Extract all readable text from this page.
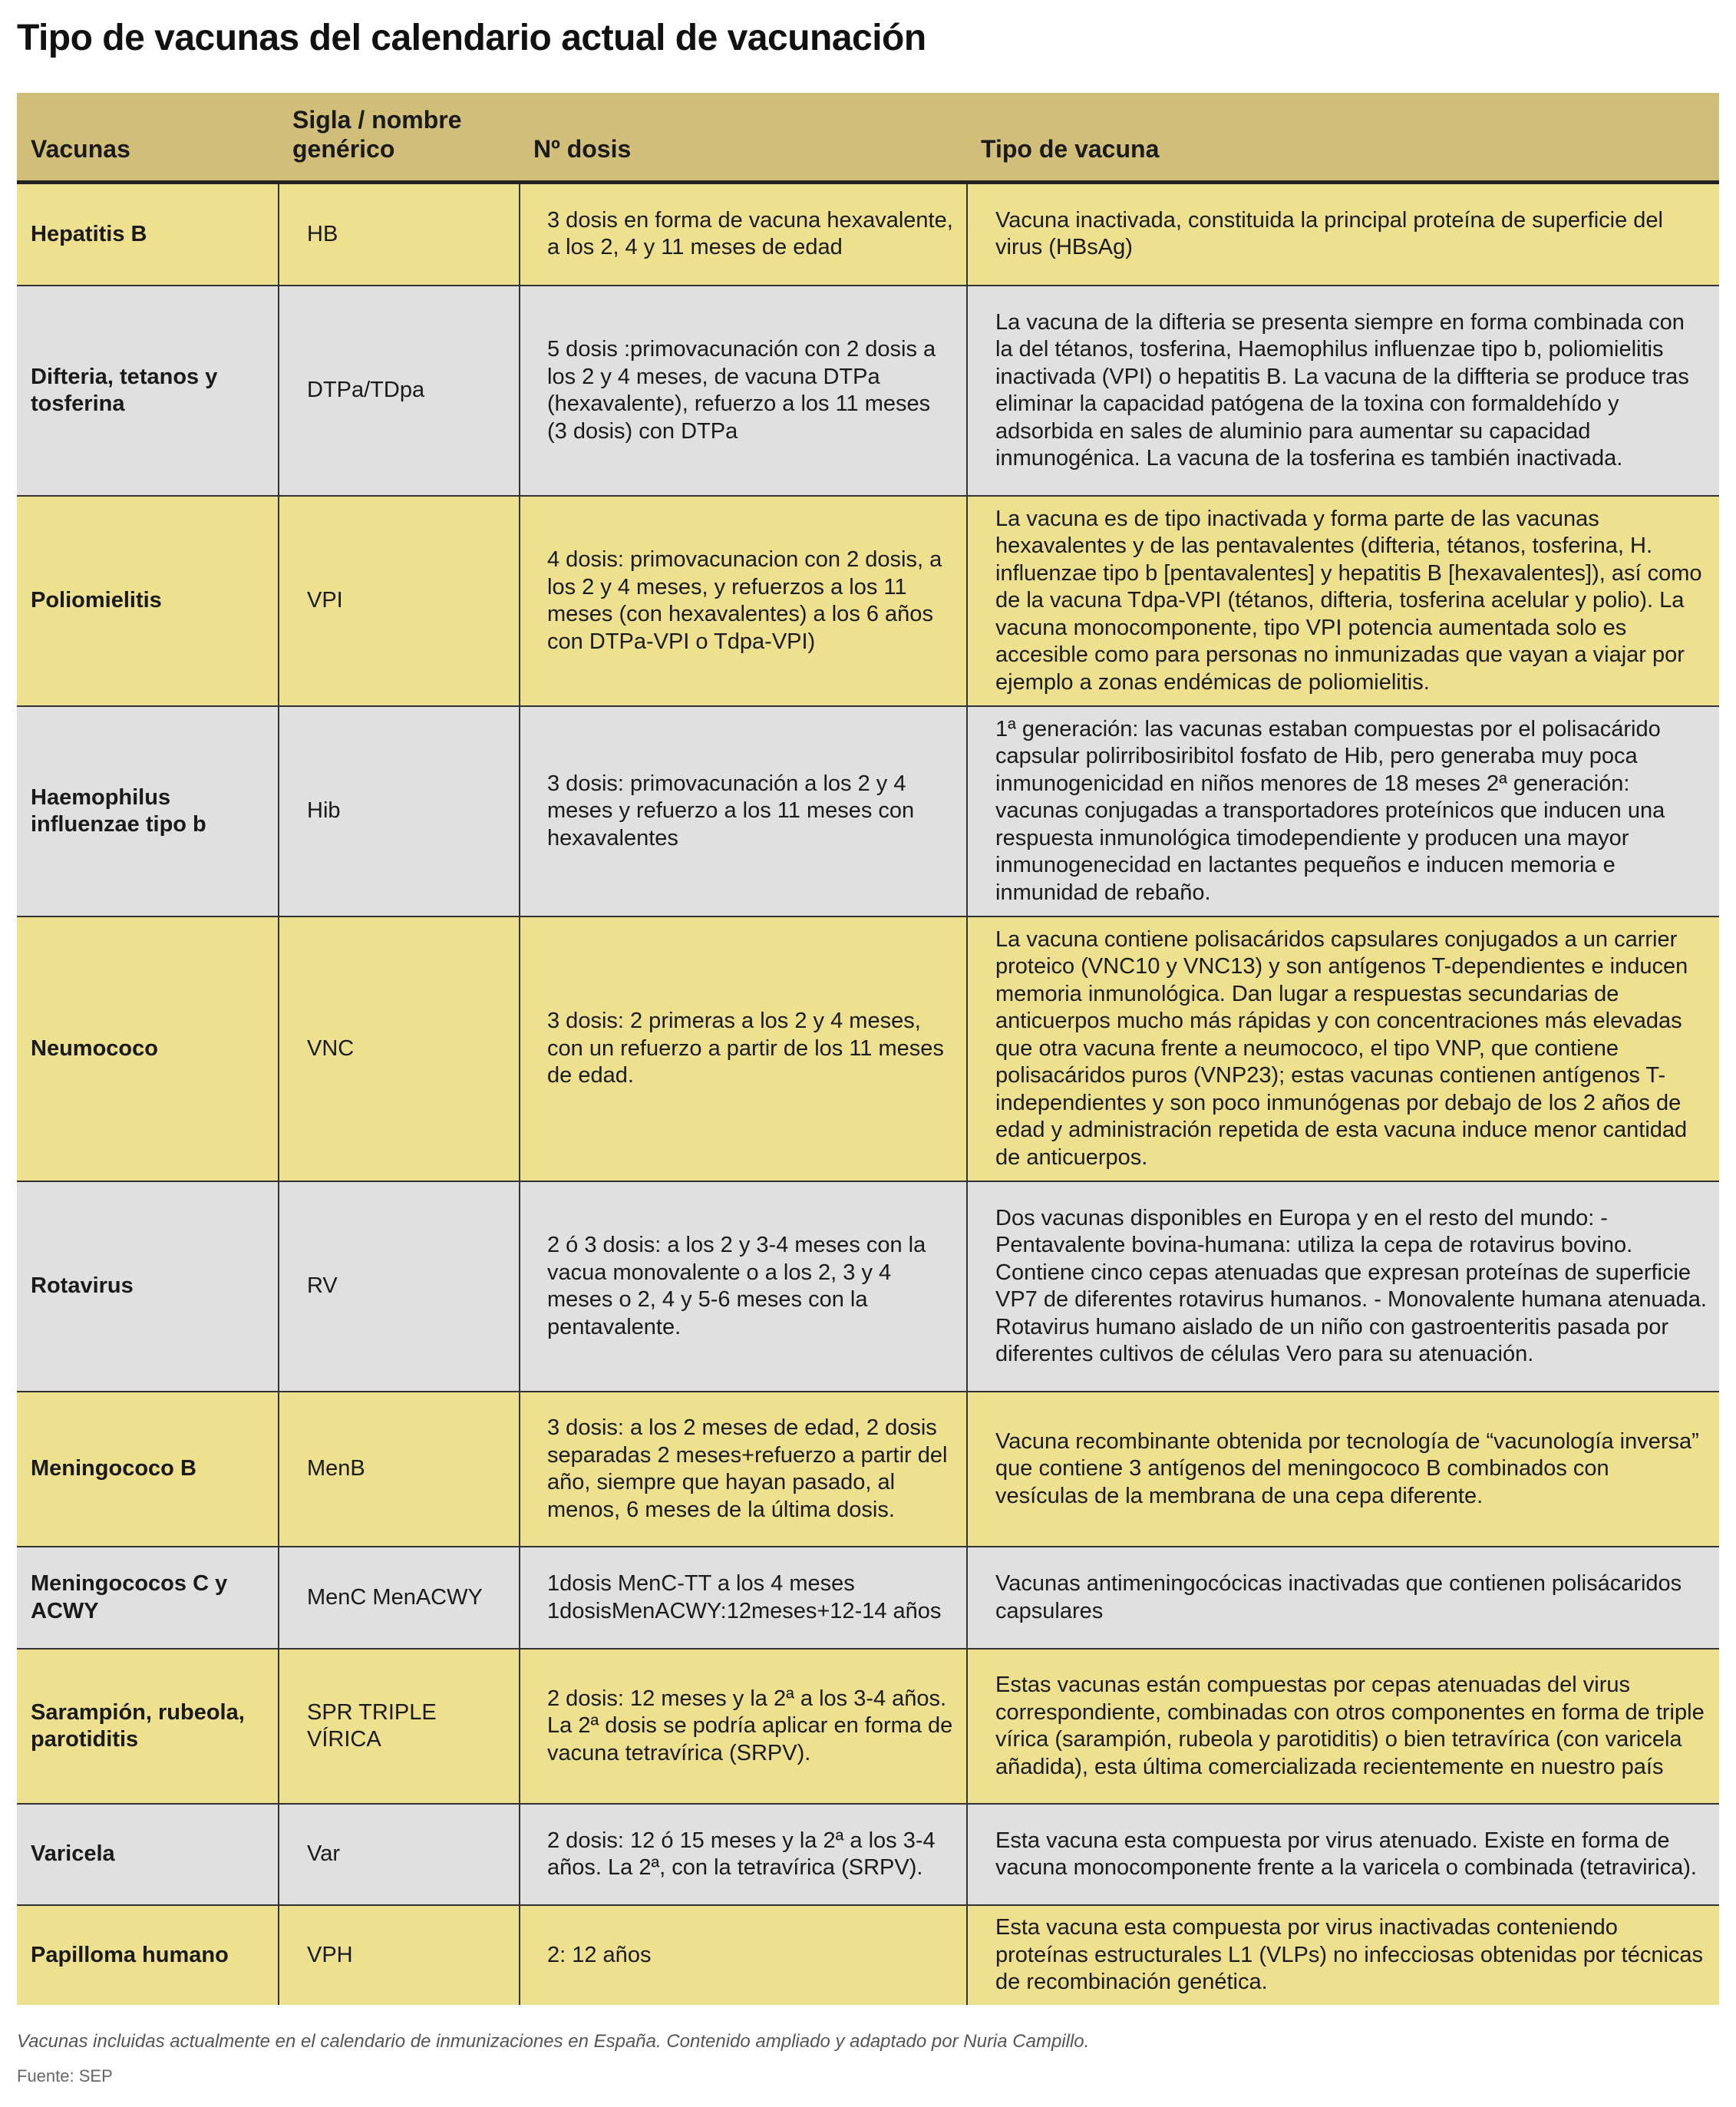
Tipo de vacunas del calendario actual de vacunación
Vacunas	Sigla / nombre genérico	Nº dosis	Tipo de vacuna
Hepatitis B	HB	3 dosis en forma de vacuna hexavalente, a los 2, 4 y 11 meses de edad	Vacuna inactivada, constituida la principal proteína de superficie del virus (HBsAg)
Difteria, tetanos y tosferina	DTPa/TDpa	5 dosis :primovacunación con 2 dosis a los 2 y 4 meses, de vacuna DTPa (hexavalente), refuerzo a los 11 meses (3 dosis) con DTPa	La vacuna de la difteria se presenta siempre en forma combinada con la del tétanos, tosferina, Haemophilus influenzae tipo b, poliomielitis inactivada (VPI) o hepatitis B. La vacuna de la diffteria se produce tras eliminar la capacidad patógena de la toxina con formaldehído y adsorbida en sales de aluminio para aumentar su capacidad inmunogénica. La vacuna de la tosferina es también inactivada.
Poliomielitis	VPI	4 dosis: primovacunacion con 2 dosis, a los 2 y 4 meses, y refuerzos a los 11 meses (con hexavalentes) a los 6 años con DTPa-VPI o Tdpa-VPI)	La vacuna es de tipo inactivada y forma parte de las vacunas hexavalentes y de las pentavalentes (difteria, tétanos, tosferina, H. influenzae tipo b [pentavalentes] y hepatitis B [hexavalentes]), así como de la vacuna Tdpa-VPI (tétanos, difteria, tosferina acelular y polio). La vacuna monocomponente, tipo VPI potencia aumentada solo es accesible como para personas no inmunizadas que vayan a viajar por ejemplo a zonas endémicas de poliomielitis.
Haemophilus influenzae tipo b	Hib	3 dosis: primovacunación a los 2 y 4 meses y refuerzo a los 11 meses con hexavalentes	1ª generación: las vacunas estaban compuestas por el polisacárido capsular polirribosiribitol fosfato de Hib, pero generaba muy poca inmunogenicidad en niños menores de 18 meses 2ª generación: vacunas conjugadas a transportadores proteínicos que inducen una respuesta inmunológica timodependiente y producen una mayor inmunogenecidad en lactantes pequeños e inducen memoria e inmunidad de rebaño.
Neumococo	VNC	3 dosis: 2 primeras a los 2 y 4 meses, con un refuerzo a partir de los 11 meses de edad.	La vacuna contiene polisacáridos capsulares conjugados a un carrier proteico (VNC10 y VNC13) y son antígenos T-dependientes e inducen memoria inmunológica. Dan lugar a respuestas secundarias de anticuerpos mucho más rápidas y con concentraciones más elevadas que otra vacuna frente a neumococo, el tipo VNP, que contiene polisacáridos puros (VNP23); estas vacunas contienen antígenos T-independientes y son poco inmunógenas por debajo de los 2 años de edad y administración repetida de esta vacuna induce menor cantidad de anticuerpos.
Rotavirus	RV	2 ó 3 dosis: a los 2 y 3-4 meses con la vacua monovalente o a los 2, 3 y 4 meses o 2, 4 y 5-6 meses con la pentavalente.	Dos vacunas disponibles en Europa y en el resto del mundo: - Pentavalente bovina-humana: utiliza la cepa de rotavirus bovino. Contiene cinco cepas atenuadas que expresan proteínas de superficie VP7 de diferentes rotavirus humanos. - Monovalente humana atenuada. Rotavirus humano aislado de un niño con gastroenteritis pasada por diferentes cultivos de células Vero para su atenuación.
Meningococo B	MenB	3 dosis: a los 2 meses de edad, 2 dosis separadas 2 meses+refuerzo a partir del año, siempre que hayan pasado, al menos, 6 meses de la última dosis.	Vacuna recombinante obtenida por tecnología de “vacunología inversa” que contiene 3 antígenos del meningococo B combinados con vesículas de la membrana de una cepa diferente.
Meningococos C y ACWY	MenC MenACWY	1dosis MenC-TT a los 4 meses 1dosisMenACWY:12meses+12-14 años	Vacunas antimeningocócicas inactivadas que contienen polisácaridos capsulares
Sarampión, rubeola, parotiditis	SPR TRIPLE VÍRICA	2 dosis: 12 meses y la 2ª a los 3-4 años. La 2ª dosis se podría aplicar en forma de vacuna tetravírica (SRPV).	Estas vacunas están compuestas por cepas atenuadas del virus correspondiente, combinadas con otros componentes en forma de triple vírica (sarampión, rubeola y parotiditis) o bien tetravírica (con varicela añadida), esta última comercializada recientemente en nuestro país
Varicela	Var	2 dosis: 12 ó 15 meses y la 2ª a los 3-4 años. La 2ª, con la tetravírica (SRPV).	Esta vacuna esta compuesta por virus atenuado. Existe en forma de vacuna monocomponente frente a la varicela o combinada (tetravirica).
Papilloma humano	VPH	2: 12 años	Esta vacuna esta compuesta por virus inactivadas conteniendo proteínas estructurales L1 (VLPs) no infecciosas obtenidas por técnicas de recombinación genética.

Vacunas incluidas actualmente en el calendario de inmunizaciones en España. Contenido ampliado y adaptado por Nuria Campillo.

Fuente: SEP
